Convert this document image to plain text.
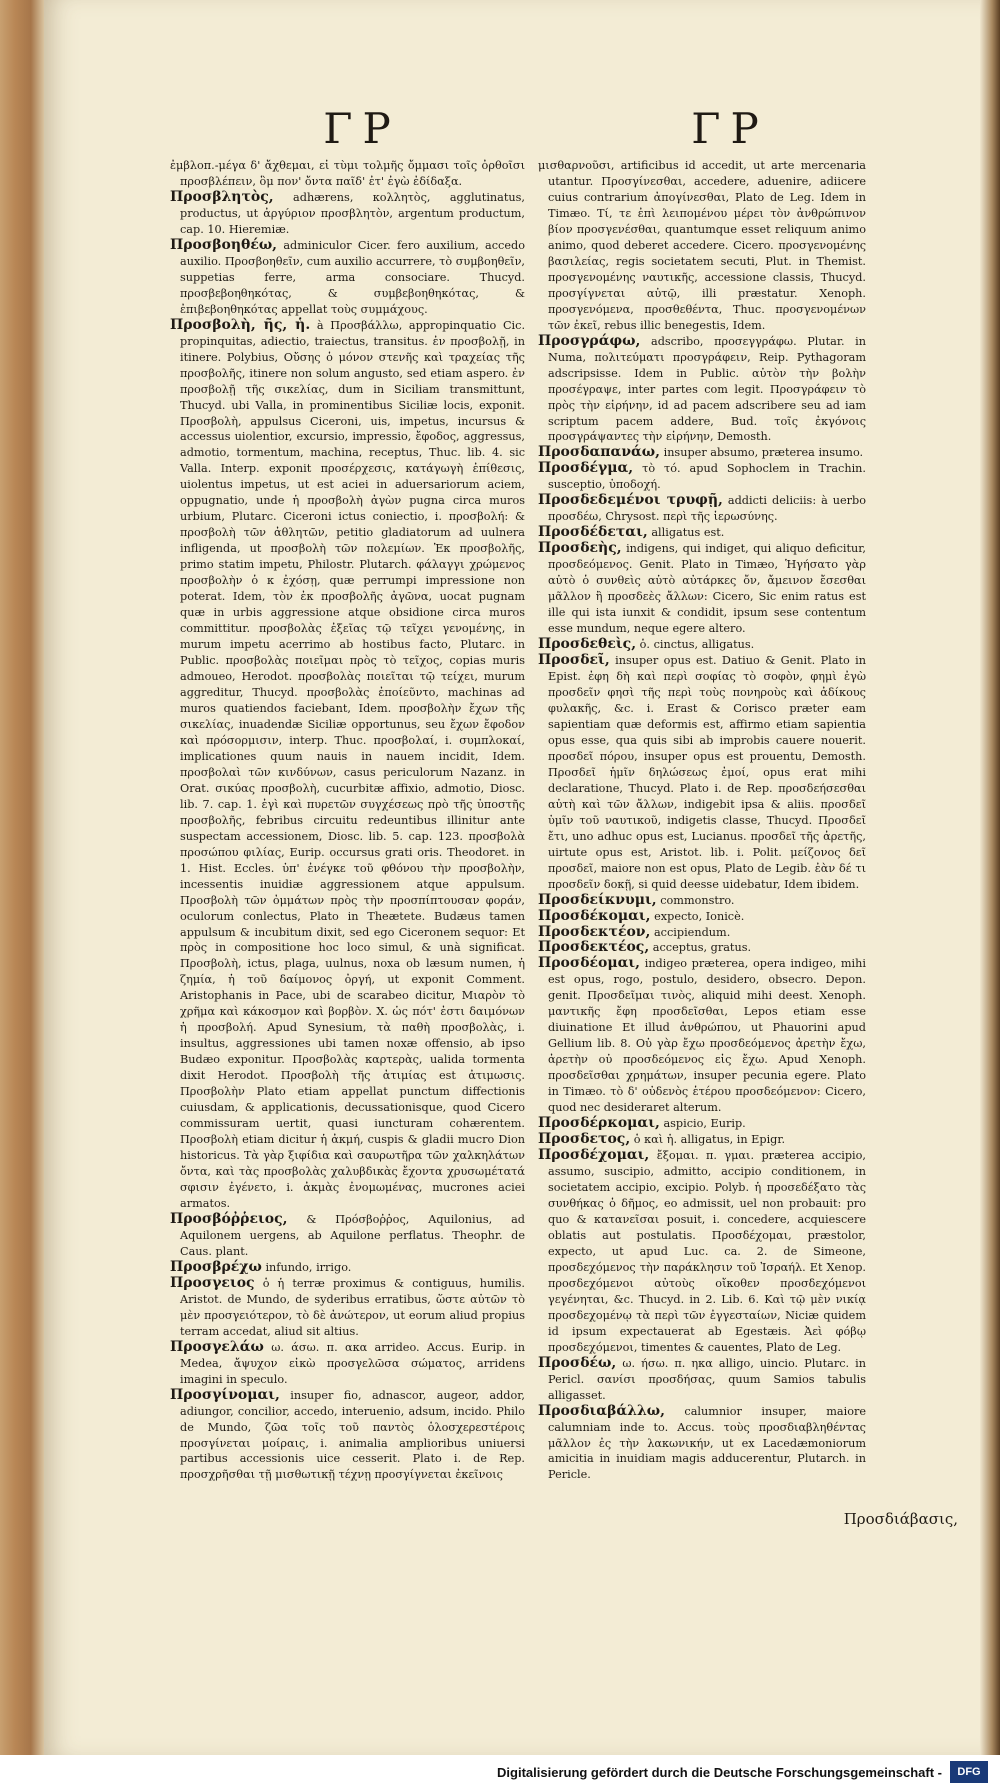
ΓΡ	ΓΡ

ἐμβλοπ.-μέγα δ' ἄχθεμαι, εἰ τὺμι τολμῆς ὄμμασι τοῖς ὀρθοῖσι προσβλέπειν, ὃμ πον' ὄντα παῖδ' ἐτ' ἐγὼ ἐδίδαξα.

Προσβλητὸς, adhærens, κολλητὸς, agglutinatus, productus, ut ἀργύριον προσβλητὸν, argentum productum, cap. 10. Hieremiæ.

Προσβοηθέω, adminiculor Cicer. fero auxilium, accedo auxilio. Προσβοηθεῖν, cum auxilio accurrere, τὸ συμβοηθεῖν, suppetias ferre, arma consociare. Thucyd. προσβεβοηθηκότας, & συμβεβοηθηκότας, & ἐπιβεβοηθηκότας appellat τοὺς συμμάχους.

Προσβολὴ, ῆς, ἡ. à Προσβάλλω, appropinquatio Cic. propinquitas, adiectio, traiectus, transitus. ἐν προσβολῇ, in itinere. Polybius, Οὔσης ὁ μόνον στενῆς καὶ τραχείας τῆς προσβολῆς, itinere non solum angusto, sed etiam aspero. ἐν προσβολῇ τῆς σικελίας, dum in Siciliam transmittunt, Thucyd. ubi Valla, in prominentibus Siciliæ locis, exponit. Προσβολὴ, appulsus Ciceroni, uis, impetus, incursus & accessus uiolentior, excursio, impressio, ἔφοδος, aggressus, admotio, tormentum, machina, receptus, Thuc. lib. 4. sic Valla. Interp. exponit προσέρχεσις, κατάγωγὴ ἐπίθεσις, uiolentus impetus, ut est aciei in aduersariorum aciem, oppugnatio, unde ἡ προσβολὴ ἀγὼν pugna circa muros urbium, Plutarc. Ciceroni ictus coniectio, i. προσβολή: & προσβολὴ τῶν ἀθλητῶν, petitio gladiatorum ad uulnera infligenda, ut προσβολὴ τῶν πολεμίων. Ἐκ προσβολῆς, primo statim impetu, Philostr. Plutarch. φάλαγγι χρώμενος προσβολὴν ὁ κ ἐχόσῃ, quæ perrumpi impressione non poterat. Idem, τὸν ἐκ προσβολῆς ἀγῶνα, uocat pugnam quæ in urbis aggressione atque obsidione circa muros committitur. προσβολὰς ἐξεῖας τῷ τεῖχει γενομένης, in murum impetu acerrimo ab hostibus facto, Plutarc. in Public. προσβολὰς ποιεῖμαι πρὸς τὸ τεῖχος, copias muris admoueo, Herodot. προσβολὰς ποιεῖται τῷ τείχει, murum aggreditur, Thucyd. προσβολὰς ἐποίεῦντο, machinas ad muros quatiendos faciebant, Idem. προσβολὴν ἔχων τῆς σικελίας, inuadendæ Siciliæ opportunus, seu ἔχων ἔφοδον καὶ πρόσορμισιν, interp. Thuc. προσβολαί, i. συμπλοκαί, implicationes quum nauis in nauem incidit, Idem. προσβολαὶ τῶν κινδύνων, casus periculorum Nazanz. in Orat. σικύας προσβολὴ, cucurbitæ affixio, admotio, Diosc. lib. 7. cap. 1. ἐγὶ καὶ πυρετῶν συγχέσεως πρὸ τῆς ὑποστῆς προσβολῆς, febribus circuitu redeuntibus illinitur ante suspectam accessionem, Diosc. lib. 5. cap. 123. προσβολὰ προσώπου φιλίας, Eurip. occursus grati oris. Theodoret. in 1. Hist. Eccles. ὑπ' ἐνέγκε τοῦ φθόνου τὴν προσβολὴν, incessentis inuidiæ aggressionem atque appulsum. Προσβολὴ τῶν ὀμμάτων πρὸς τὴν προσπίπτουσαν φοράν, oculorum conlectus, Plato in Theætete. Budæus tamen appulsum & incubitum dixit, sed ego Ciceronem sequor: Et πρὸς in compositione hoc loco simul, & unà significat. Προσβολὴ, ictus, plaga, uulnus, noxa ob læsum numen, ἡ ζημία, ἡ τοῦ δαίμονος ὀργή, ut exponit Comment. Aristophanis in Pace, ubi de scarabeo dicitur, Μιαρὸν τὸ χρῆμα καὶ κάκοσμον καὶ βορβὸν. Χ. ὡς πότ' ἐστι δαιμόνων ἡ προσβολή. Apud Synesium, τὰ παθὴ προσβολὰς, i. insultus, aggressiones ubi tamen noxæ offensio, ab ipso Budæo exponitur. Προσβολὰς καρτερὰς, ualida tormenta dixit Herodot. Προσβολὴ τῆς ἀτιμίας est ἀτιμωσις. Προσβολὴν Plato etiam appellat punctum diffectionis cuiusdam, & applicationis, decussationisque, quod Cicero commissuram uertit, quasi iuncturam cohærentem. Προσβολὴ etiam dicitur ἡ ἀκμή, cuspis & gladii mucro Dion historicus. Τὰ γὰρ ξιφίδια καὶ σαυρωτῆρα τῶν χαλκηλάτων ὄντα, καὶ τὰς προσβολὰς χαλυβδικὰς ἔχοντα χρυσωμέτατά σφισιν ἐγένετο, i. ἀκμὰς ἐνομωμένας, mucrones aciei armatos.

Προσβόῤῥειος, & Πρόσβοῤῥος, Aquilonius, ad Aquilonem uergens, ab Aquilone perflatus. Theophr. de Caus. plant.

Προσβρέχω infundo, irrigo.

Προσγειος ὁ ἡ terræ proximus & contiguus, humilis. Aristot. de Mundo, de syderibus erratibus, ὥστε αὐτῶν τὸ μὲν προσγειότερον, τὸ δὲ ἀνώτερον, ut eorum aliud propius terram accedat, aliud sit altius.

Προσγελάω ω. άσω. π. ακα arrideo. Accus. Eurip. in Medea, ἄψυχον εἰκὼ προσγελῶσα σώματος, arridens imagini in speculo.

Προσγίνομαι, insuper fio, adnascor, augeor, addor, adiungor, concilior, accedo, interuenio, adsum, incido. Philo de Mundo, ζῶα τοῖς τοῦ παντὸς ὁλοσχερεστέροις προσγίνεται μοίραις, i. animalia amplioribus uniuersi partibus accessionis uice cesserit. Plato i. de Rep. προσχρῆσθαι τῇ μισθωτικῇ τέχνῃ προσγίγνεται ἐκεῖνοις

μισθαρνοῦσι, artificibus id accedit, ut arte mercenaria utantur. Προσγίνεσθαι, accedere, aduenire, adiicere cuius contrarium ἀπογίνεσθαι, Plato de Leg. Idem in Timæo. Τί, τε ἐπὶ λειπομένου μέρει τὸν ἀνθρώπινον βίον προσγενέσθαι, quantumque esset reliquum animo animo, quod deberet accedere. Cicero. προσγενομένης βασιλείας, regis societatem secuti, Plut. in Themist. προσγενομένης ναυτικῆς, accessione classis, Thucyd. προσγίγνεται αὐτῷ, illi præstatur. Xenoph. προσγενόμενα, προσθεθέντα, Thuc. προσγενομένων τῶν ἐκεῖ, rebus illic benegestis, Idem.

Προσγράφω, adscribo, προσεγγράφω. Plutar. in Numa, πολιτεύματι προσγράφειν, Reip. Pythagoram adscripsisse. Idem in Public. αὐτὸν τὴν βολὴν προσέγραψε, inter partes com legit. Προσγράφειν τὸ πρὸς τὴν εἰρήνην, id ad pacem adscribere seu ad iam scriptum pacem addere, Bud. τοῖς ἐκγόνοις προσγράψαντες τὴν εἰρήνην, Demosth.

Προσδαπανάω, insuper absumo, præterea insumo.

Προσδέγμα, τὸ τό. apud Sophoclem in Trachin. susceptio, ὑποδοχή.

Προσδεδεμένοι τρυφῇ, addicti deliciis: à uerbo προσδέω, Chrysost. περὶ τῆς ἱερωσύνης.

Προσδέδεται, alligatus est.

Προσδεὴς, indigens, qui indiget, qui aliquo deficitur, προσδεόμενος. Genit. Plato in Timæo, Ἡγήσατο γὰρ αὐτὸ ὁ συνθεὶς αὐτὸ αὐτάρκες ὄν, ἄμεινον ἔσεσθαι μᾶλλον ἢ προσδεὲς ἄλλων: Cicero, Sic enim ratus est ille qui ista iunxit & condidit, ipsum sese contentum esse mundum, neque egere altero.

Προσδεθεὶς, ὁ. cinctus, alligatus.

Προσδεῖ, insuper opus est. Datiuo & Genit. Plato in Epist. ἐφη δὴ καὶ περὶ σοφίας τὸ σοφὸν, φημὶ ἐγὼ προσδεῖν φησὶ τῆς περὶ τοὺς πονηροὺς καὶ ἀδίκους φυλακῆς, &c. i. Erast & Corisco præter eam sapientiam quæ deformis est, affirmo etiam sapientia opus esse, qua quis sibi ab improbis cauere nouerit. προσδεῖ πόρου, insuper opus est prouentu, Demosth. Προσδεῖ ἡμῖν δηλώσεως ἐμοί, opus erat mihi declaratione, Thucyd. Plato i. de Rep. προσδεήσεσθαι αὐτὴ καὶ τῶν ἄλλων, indigebit ipsa & aliis. προσδεῖ ὑμῖν τοῦ ναυτικοῦ, indigetis classe, Thucyd. Προσδεῖ ἔτι, uno adhuc opus est, Lucianus. προσδεῖ τῆς ἀρετῆς, uirtute opus est, Aristot. lib. i. Polit. μείζονος δεῖ προσδεῖ, maiore non est opus, Plato de Legib. ἐὰν δέ τι προσδεῖν δοκῇ, si quid deesse uidebatur, Idem ibidem.

Προσδείκνυμι, commonstro.

Προσδέκομαι, expecto, Ionicè.

Προσδεκτέον, accipiendum.

Προσδεκτέος, acceptus, gratus.

Προσδέομαι, indigeo præterea, opera indigeo, mihi est opus, rogo, postulo, desidero, obsecro. Depon. genit. Προσδεῖμαι τινὸς, aliquid mihi deest. Xenoph. μαντικῆς ἔφη προσδεῖσθαι, Lepos etiam esse diuinatione Et illud ἀνθρώπου, ut Phauorini apud Gellium lib. 8. Οὐ γὰρ ἔχω προσδεόμενος ἀρετὴν ἔχω, ἀρετὴν οὐ προσδεόμενος εἰς ἔχω. Apud Xenoph. προσδεῖσθαι χρημάτων, insuper pecunia egere. Plato in Timæo. τὸ δ' οὐδενὸς ἑτέρου προσδεόμενον: Cicero, quod nec desideraret alterum.

Προσδέρκομαι, aspicio, Eurip.

Προσδετος, ὁ καὶ ἡ. alligatus, in Epigr.

Προσδέχομαι, ἔξομαι. π. γμαι. præterea accipio, assumo, suscipio, admitto, accipio conditionem, in societatem accipio, excipio. Polyb. ἡ προσεδέξατο τὰς συνθήκας ὁ δῆμος, eo admissit, uel non probauit: pro quo & κατανεῖσαι posuit, i. concedere, acquiescere oblatis aut postulatis. Προσδέχομαι, præstolor, expecto, ut apud Luc. ca. 2. de Simeone, προσδεχόμενος τὴν παράκλησιν τοῦ Ἰσραήλ. Et Xenop. προσδεχόμενοι αὐτοὺς οἴκοθεν προσδεχόμενοι γεγένηται, &c. Thucyd. in 2. Lib. 6. Καὶ τῷ μὲν νικίᾳ προσδεχομένῳ τὰ περὶ τῶν ἐγγεσταίων, Niciæ quidem id ipsum expectauerat ab Egestæis. Ἀεὶ φόβῳ προσδεχόμενοι, timentes & cauentes, Plato de Leg.

Προσδέω, ω. ήσω. π. ηκα alligo, uincio. Plutarc. in Pericl. σανίσι προσδήσας, quum Samios tabulis alligasset.

Προσδιαβάλλω, calumnior insuper, maiore calumniam inde to. Accus. τοὺς προσδιαβληθέντας μᾶλλον ἐς τὴν λακωνικήν, ut ex Lacedæmoniorum amicitia in inuidiam magis adducerentur, Plutarch. in Pericle.

Προσδιάβασις,
Digitalisierung gefördert durch die Deutsche Forschungsgemeinschaft -	DFG
